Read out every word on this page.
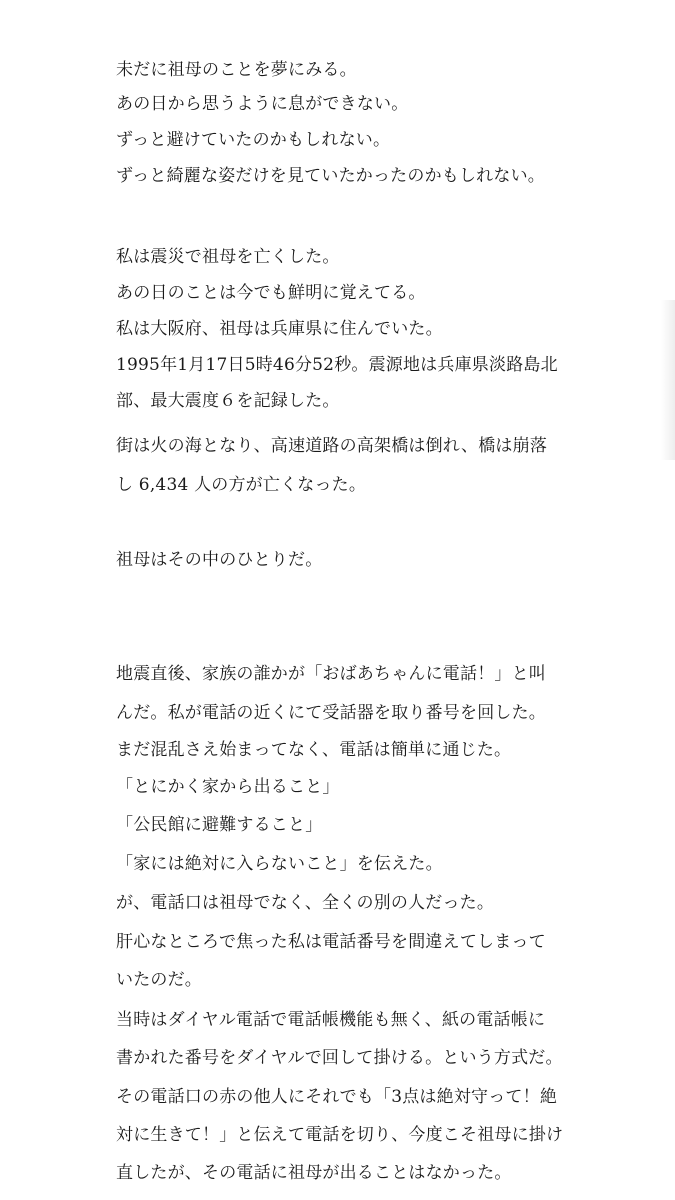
未だに祖母のことを夢にみる。

あの日から思うように息ができない。

ずっと避けていたのかもしれない。

ずっと綺麗な姿だけを見ていたかったのかもしれない。

私は震災で祖母を亡くした。

あの日のことは今でも鮮明に覚えてる。

私は大阪府、祖母は兵庫県に住んでいた。

1995年1月17日5時46分52秒。震源地は兵庫県淡路島北

部、最大震度６を記録した。

街は火の海となり、高速道路の高架橋は倒れ、橋は崩落

し 6,434 人の方が亡くなった。

祖母はその中のひとりだ。

地震直後、家族の誰かが「おばあちゃんに電話！」と叫

んだ。私が電話の近くにて受話器を取り番号を回した。

まだ混乱さえ始まってなく、電話は簡単に通じた。

「とにかく家から出ること」

「公民館に避難すること」

「家には絶対に入らないこと」を伝えた。

が、電話口は祖母でなく、全くの別の人だった。

肝心なところで焦った私は電話番号を間違えてしまって

いたのだ。

当時はダイヤル電話で電話帳機能も無く、紙の電話帳に

書かれた番号をダイヤルで回して掛ける。という方式だ。

その電話口の赤の他人にそれでも「3点は絶対守って！絶

対に生きて！」と伝えて電話を切り、今度こそ祖母に掛け

直したが、その電話に祖母が出ることはなかった。
